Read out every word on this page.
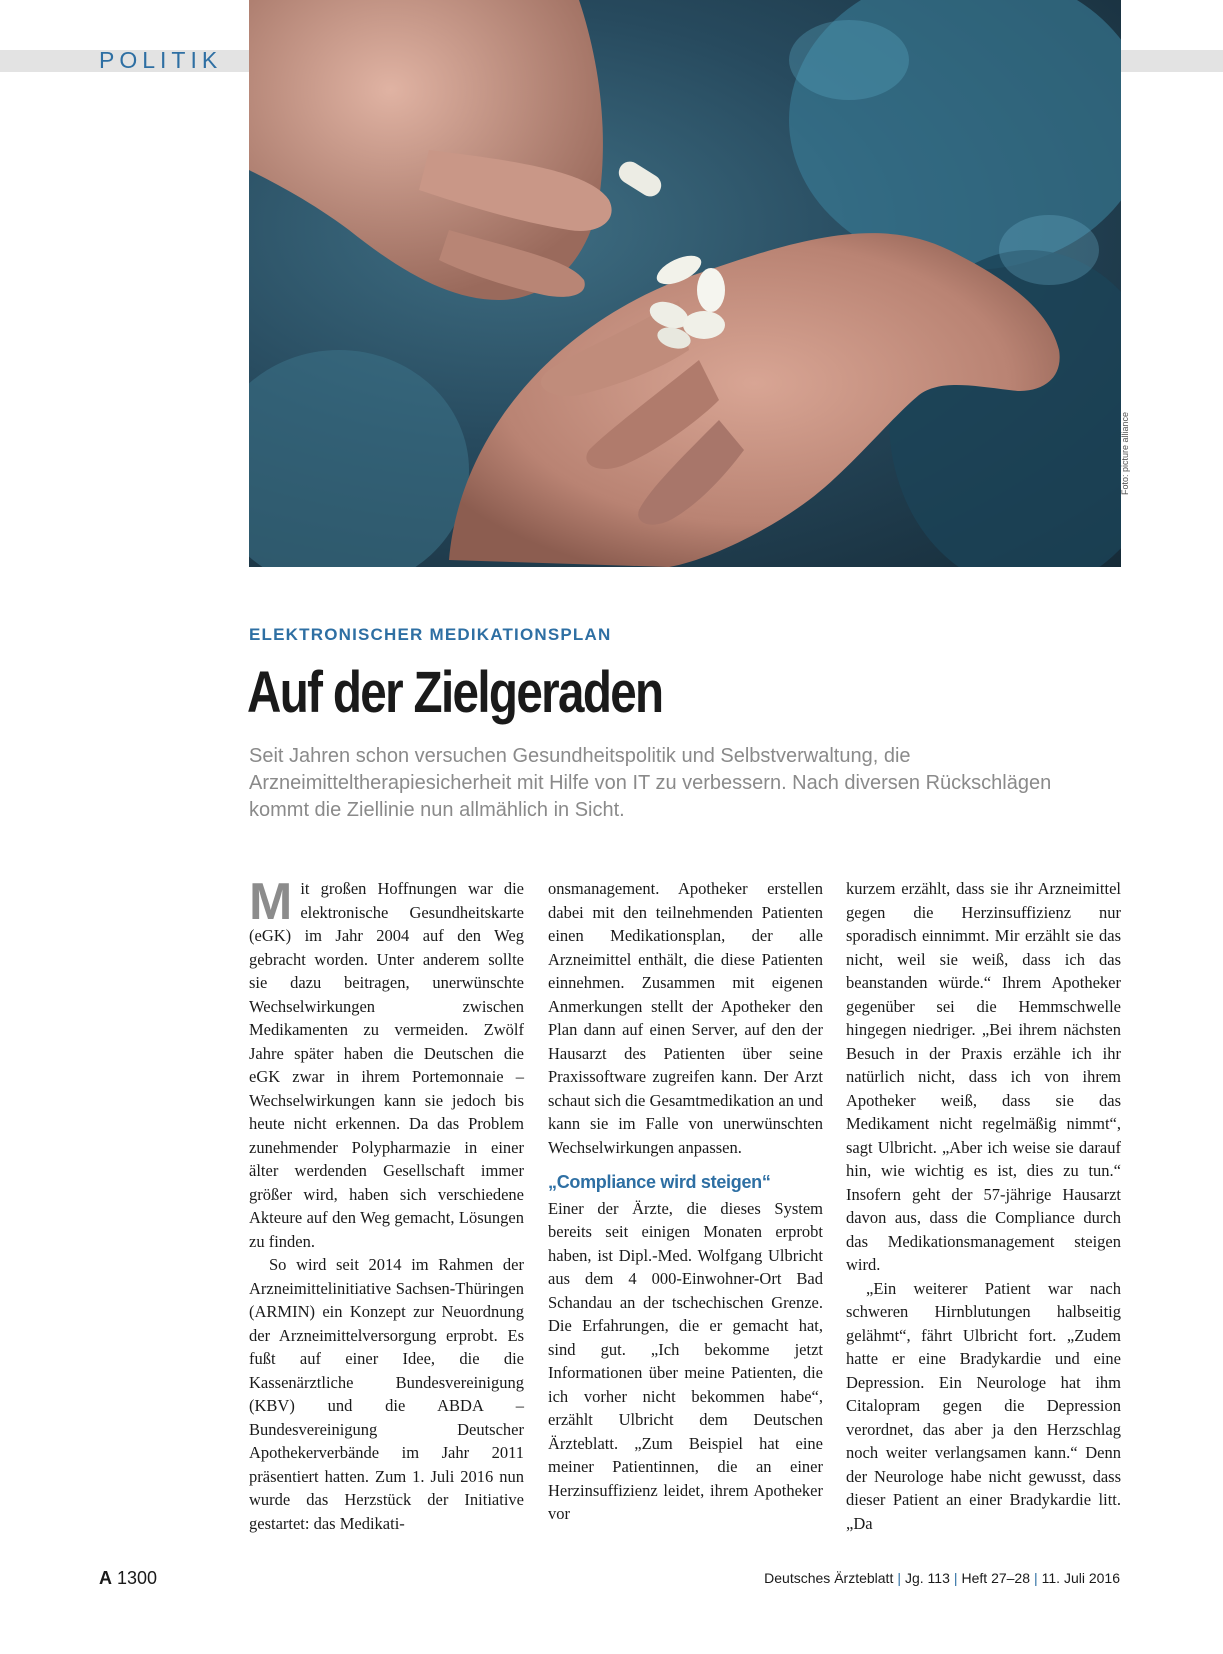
POLITIK
Foto: picture alliance
ELEKTRONISCHER MEDIKATIONSPLAN
Auf der Zielgeraden

Seit Jahren schon versuchen Gesundheitspolitik und Selbstverwaltung, die Arzneimitteltherapiesicherheit mit Hilfe von IT zu verbessern. Nach diversen Rückschlägen kommt die Ziellinie nun allmählich in Sicht.

Mit großen Hoffnungen war die elektronische Gesundheitskarte (eGK) im Jahr 2004 auf den Weg gebracht worden. Unter anderem sollte sie dazu beitragen, unerwünschte Wechselwirkungen zwischen Medikamenten zu vermeiden. Zwölf Jahre später haben die Deutschen die eGK zwar in ihrem Portemonnaie – Wechselwirkungen kann sie jedoch bis heute nicht erkennen. Da das Problem zunehmender Polypharmazie in einer älter werdenden Gesellschaft immer größer wird, haben sich verschiedene Akteure auf den Weg gemacht, Lösungen zu finden.

So wird seit 2014 im Rahmen der Arzneimittelinitiative Sachsen-Thüringen (ARMIN) ein Konzept zur Neuordnung der Arzneimittelversorgung erprobt. Es fußt auf einer Idee, die die Kassenärztliche Bundesvereinigung (KBV) und die ABDA – Bundesvereinigung Deutscher Apothekerverbände im Jahr 2011 präsentiert hatten. Zum 1. Juli 2016 nun wurde das Herzstück der Initiative gestartet: das Medikati-

onsmanagement. Apotheker erstellen dabei mit den teilnehmenden Patienten einen Medikationsplan, der alle Arzneimittel enthält, die diese Patienten einnehmen. Zusammen mit eigenen Anmerkungen stellt der Apotheker den Plan dann auf einen Server, auf den der Hausarzt des Patienten über seine Praxissoftware zugreifen kann. Der Arzt schaut sich die Gesamtmedikation an und kann sie im Falle von unerwünschten Wechselwirkungen anpassen.

„Compliance wird steigen“

Einer der Ärzte, die dieses System bereits seit einigen Monaten erprobt haben, ist Dipl.-Med. Wolfgang Ulbricht aus dem 4 000-Einwohner-Ort Bad Schandau an der tschechischen Grenze. Die Erfahrungen, die er gemacht hat, sind gut. „Ich bekomme jetzt Informationen über meine Patienten, die ich vorher nicht bekommen habe“, erzählt Ulbricht dem Deutschen Ärzteblatt. „Zum Beispiel hat eine meiner Patientinnen, die an einer Herzinsuffizienz leidet, ihrem Apotheker vor

kurzem erzählt, dass sie ihr Arzneimittel gegen die Herzinsuffizienz nur sporadisch einnimmt. Mir erzählt sie das nicht, weil sie weiß, dass ich das beanstanden würde.“ Ihrem Apotheker gegenüber sei die Hemmschwelle hingegen niedriger. „Bei ihrem nächsten Besuch in der Praxis erzähle ich ihr natürlich nicht, dass ich von ihrem Apotheker weiß, dass sie das Medikament nicht regelmäßig nimmt“, sagt Ulbricht. „Aber ich weise sie darauf hin, wie wichtig es ist, dies zu tun.“ Insofern geht der 57-jährige Hausarzt davon aus, dass die Compliance durch das Medikationsmanagement steigen wird.

„Ein weiterer Patient war nach schweren Hirnblutungen halbseitig gelähmt“, fährt Ulbricht fort. „Zudem hatte er eine Bradykardie und eine Depression. Ein Neurologe hat ihm Citalopram gegen die Depression verordnet, das aber ja den Herzschlag noch weiter verlangsamen kann.“ Denn der Neurologe habe nicht gewusst, dass dieser Patient an einer Bradykardie litt. „Da

A 1300	Deutsches Ärzteblatt | Jg. 113 | Heft 27–28 | 11. Juli 2016
